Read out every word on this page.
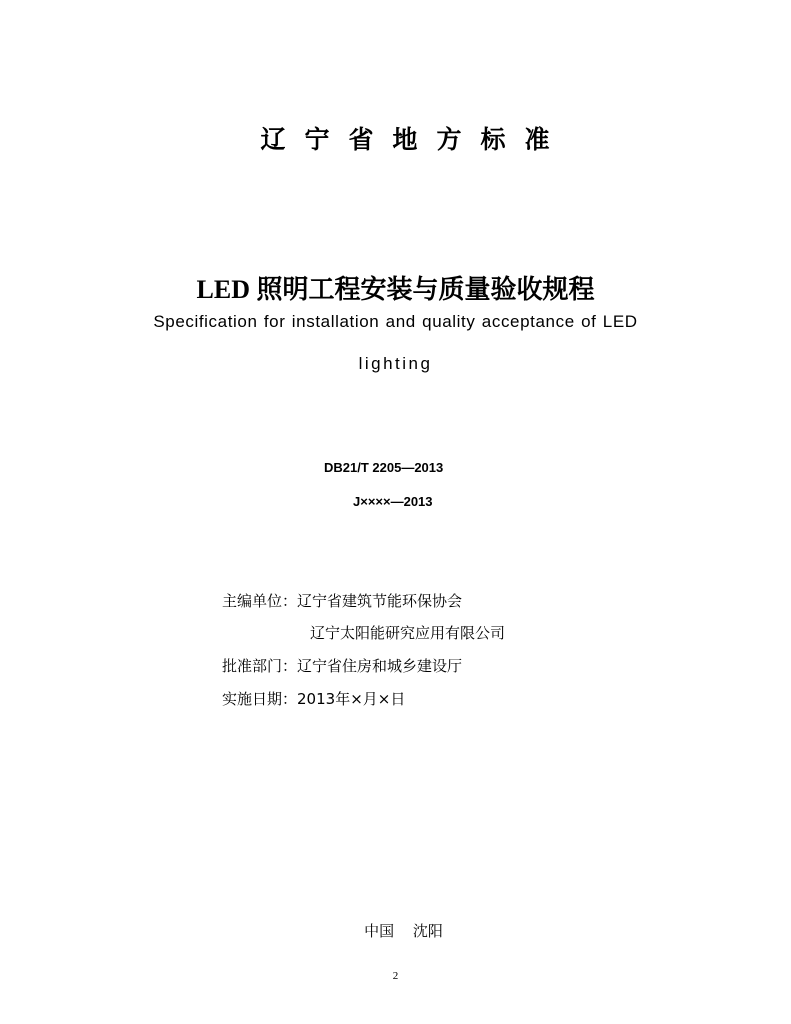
辽宁省地方标准
LED 照明工程安装与质量验收规程
Specification for installation and quality acceptance of LED
lighting
DB21/T 2205—2013
J××××—2013
主编单位：辽宁省建筑节能环保协会
辽宁太阳能研究应用有限公司
批准部门：辽宁省住房和城乡建设厅
实施日期：2013年×月×日
中国 沈阳
2
